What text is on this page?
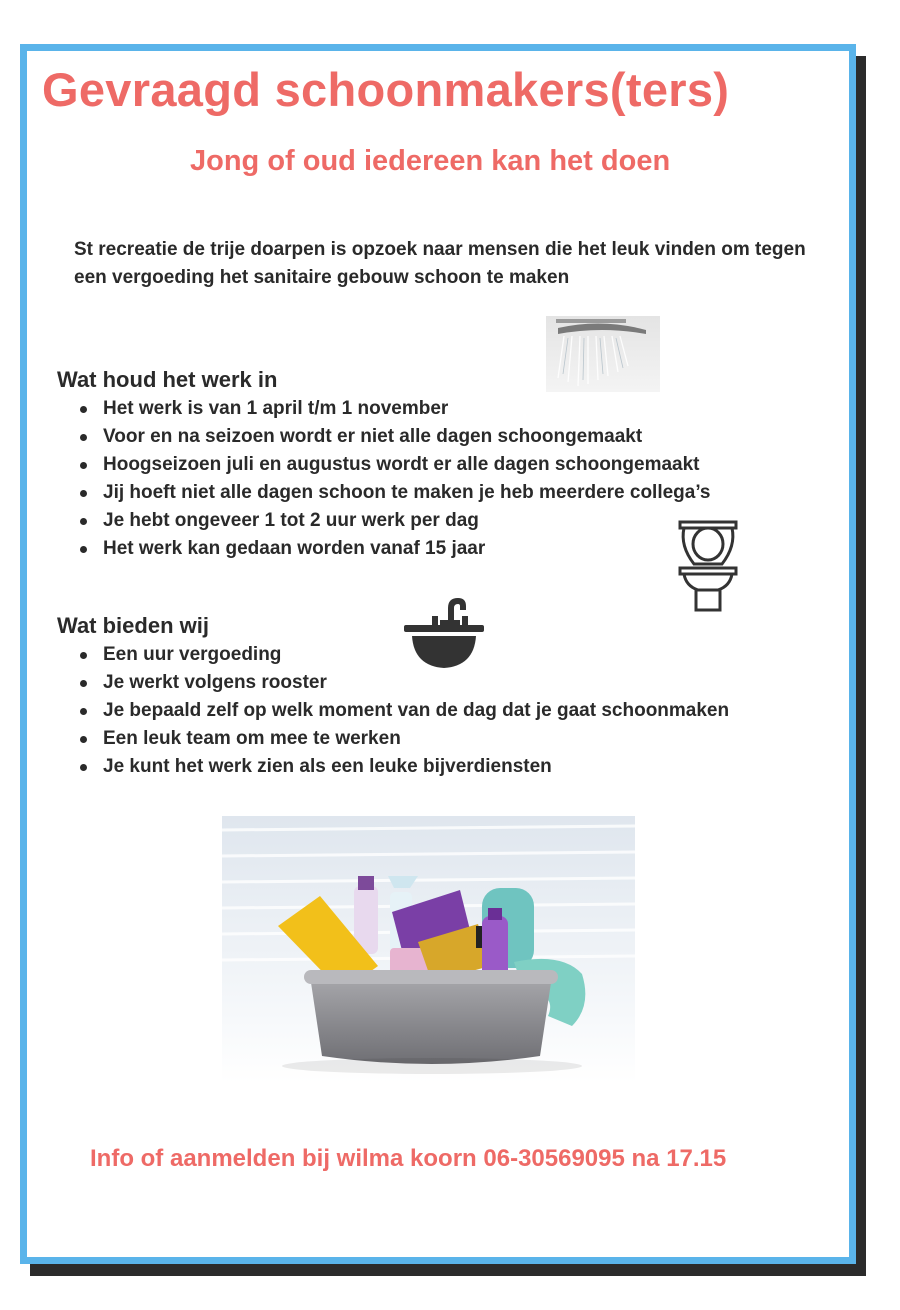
Gevraagd schoonmakers(ters)
Jong of oud iedereen kan het doen

St recreatie de trije doarpen is opzoek naar mensen die het leuk vinden om tegen een vergoeding het sanitaire gebouw schoon te maken

Wat houd het werk in
Het werk is van 1 april t/m 1 november
Voor en na seizoen wordt er niet alle dagen schoongemaakt
Hoogseizoen juli en augustus wordt er alle dagen schoongemaakt
Jij hoeft niet alle dagen schoon te maken je heb meerdere collega’s
Je hebt ongeveer 1 tot 2 uur werk per dag
Het werk kan gedaan worden vanaf 15 jaar
Wat bieden wij
Een uur vergoeding
Je werkt volgens rooster
Je bepaald zelf op welk moment van de dag dat je gaat schoonmaken
Een leuk team om mee te werken
Je kunt het werk zien als een leuke bijverdiensten

Info of aanmelden bij wilma koorn 06-30569095 na 17.15
